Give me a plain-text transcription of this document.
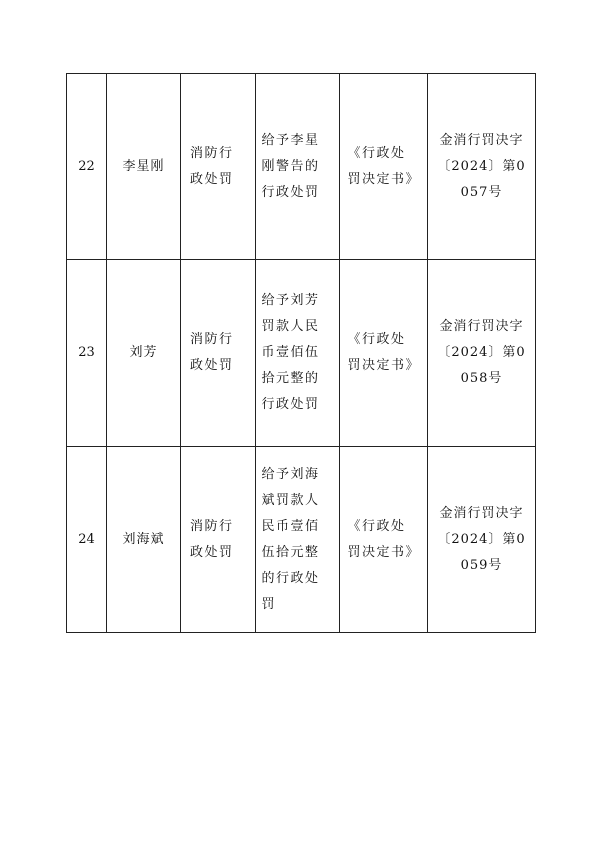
22	李星刚	消防行政处罚	给予李星刚警告的行政处罚	《行政处罚决定书》	金消行罚决字〔2024〕第0057号
23	刘芳	消防行政处罚	给予刘芳罚款人民币壹佰伍拾元整的行政处罚	《行政处罚决定书》	金消行罚决字〔2024〕第0058号
24	刘海斌	消防行政处罚	给予刘海斌罚款人民币壹佰伍拾元整的行政处罚	《行政处罚决定书》	金消行罚决字〔2024〕第0059号
